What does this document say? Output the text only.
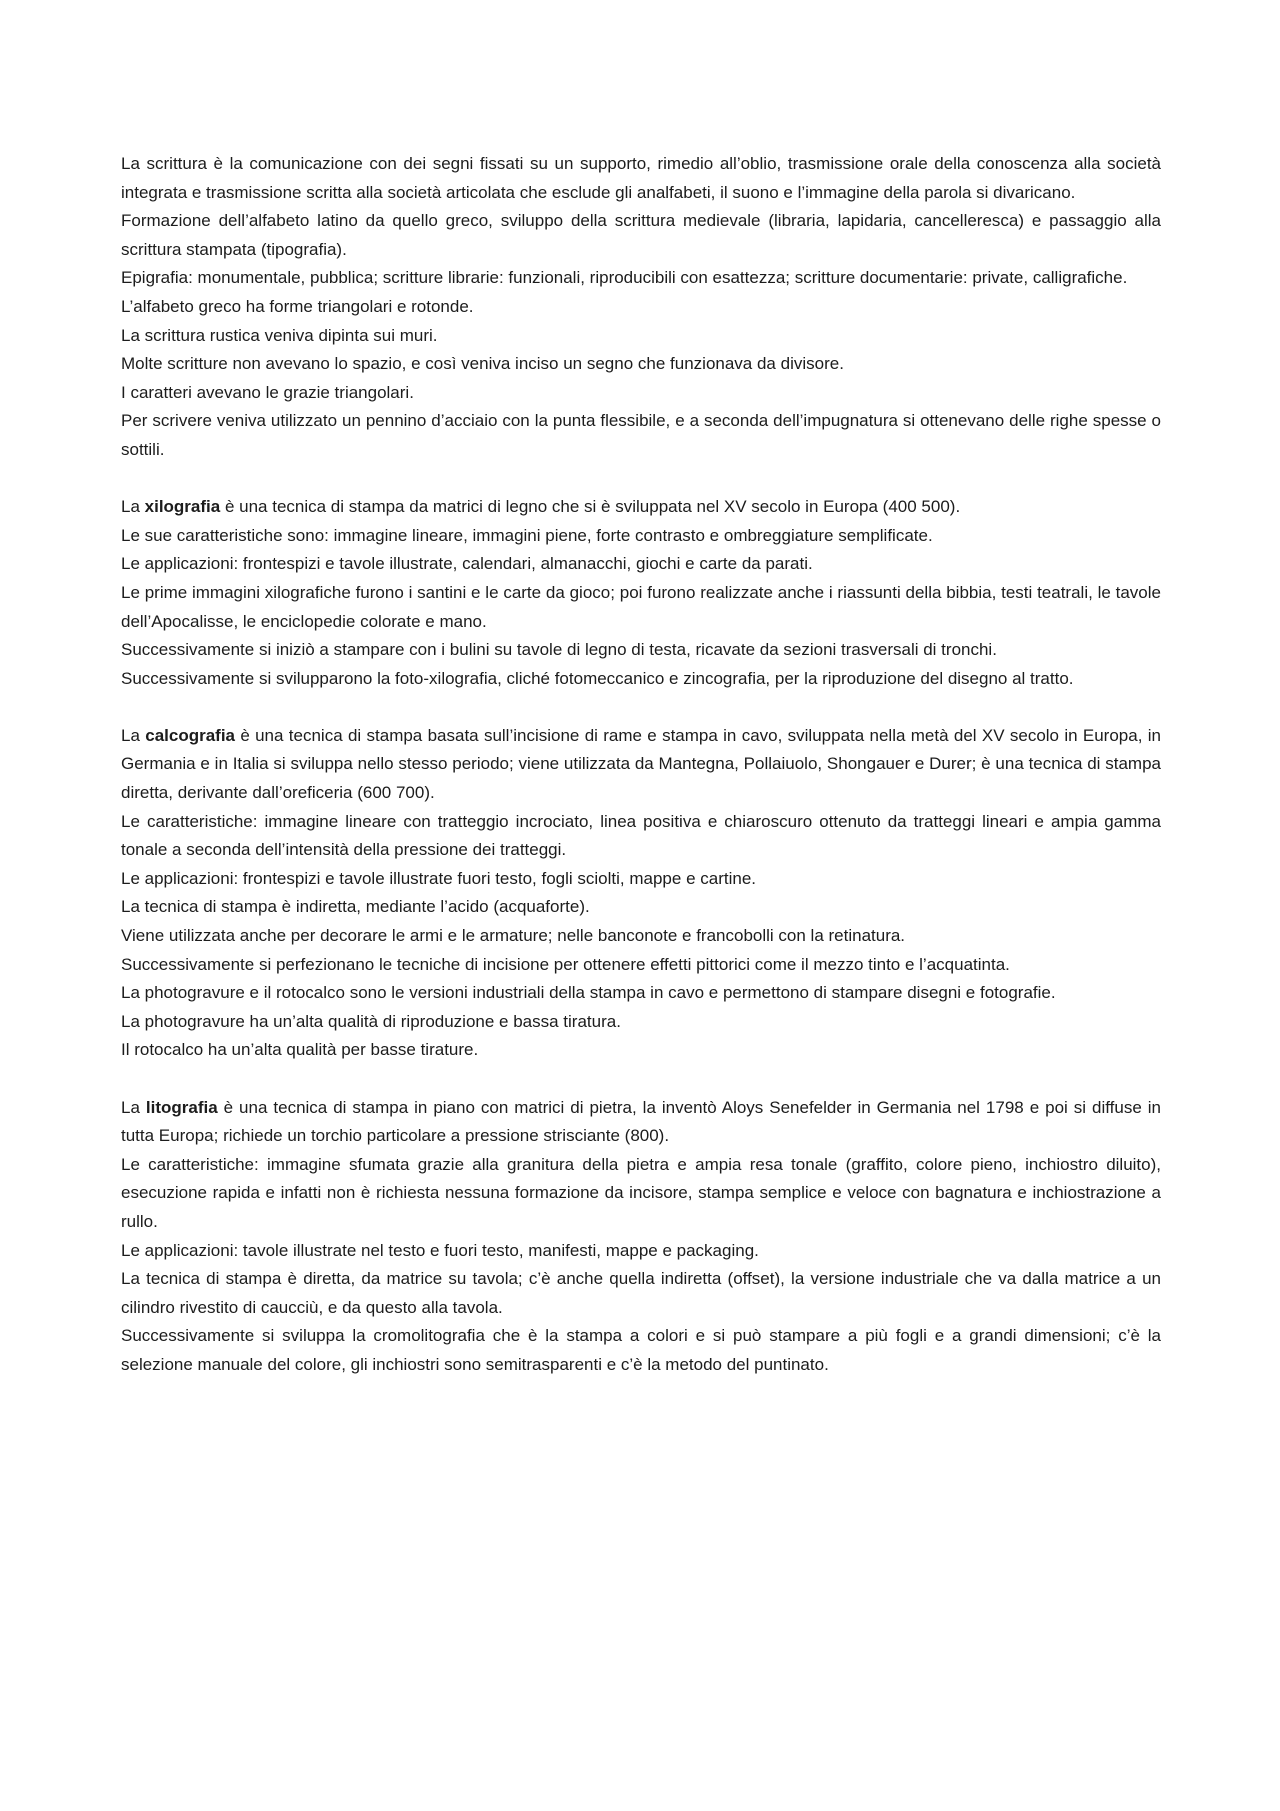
La scrittura è la comunicazione con dei segni fissati su un supporto, rimedio all’oblio, trasmissione orale della conoscenza alla società integrata e trasmissione scritta alla società articolata che esclude gli analfabeti, il suono e l’immagine della parola si divaricano.

Formazione dell’alfabeto latino da quello greco, sviluppo della scrittura medievale (libraria, lapidaria, cancelleresca) e passaggio alla scrittura stampata (tipografia).

Epigrafia: monumentale, pubblica; scritture librarie: funzionali, riproducibili con esattezza; scritture documentarie: private, calligrafiche.

L’alfabeto greco ha forme triangolari e rotonde.

La scrittura rustica veniva dipinta sui muri.

Molte scritture non avevano lo spazio, e così veniva inciso un segno che funzionava da divisore.

I caratteri avevano le grazie triangolari.

Per scrivere veniva utilizzato un pennino d’acciaio con la punta flessibile, e a seconda dell’impugnatura si ottenevano delle righe spesse o sottili.

La xilografia è una tecnica di stampa da matrici di legno che si è sviluppata nel XV secolo in Europa (400 500).

Le sue caratteristiche sono: immagine lineare, immagini piene, forte contrasto e ombreggiature semplificate.

Le applicazioni: frontespizi e tavole illustrate, calendari, almanacchi, giochi e carte da parati.

Le prime immagini xilografiche furono i santini e le carte da gioco; poi furono realizzate anche i riassunti della bibbia, testi teatrali, le tavole dell’Apocalisse, le enciclopedie colorate e mano.

Successivamente si iniziò a stampare con i bulini su tavole di legno di testa, ricavate da sezioni trasversali di tronchi.

Successivamente si svilupparono la foto-xilografia, cliché fotomeccanico e zincografia, per la riproduzione del disegno al tratto.

La calcografia è una tecnica di stampa basata sull’incisione di rame e stampa in cavo, sviluppata nella metà del XV secolo in Europa, in Germania e in Italia si sviluppa nello stesso periodo; viene utilizzata da Mantegna, Pollaiuolo, Shongauer e Durer; è una tecnica di stampa diretta, derivante dall’oreficeria (600 700).

Le caratteristiche: immagine lineare con tratteggio incrociato, linea positiva e chiaroscuro ottenuto da tratteggi lineari e ampia gamma tonale a seconda dell’intensità della pressione dei tratteggi.

Le applicazioni: frontespizi e tavole illustrate fuori testo, fogli sciolti, mappe e cartine.

La tecnica di stampa è indiretta, mediante l’acido (acquaforte).

Viene utilizzata anche per decorare le armi e le armature; nelle banconote e francobolli con la retinatura.

Successivamente si perfezionano le tecniche di incisione per ottenere effetti pittorici come il mezzo tinto e l’acquatinta.

La photogravure e il rotocalco sono le versioni industriali della stampa in cavo e permettono di stampare disegni e fotografie.

La photogravure ha un’alta qualità di riproduzione e bassa tiratura.

Il rotocalco ha un’alta qualità per basse tirature.

La litografia è una tecnica di stampa in piano con matrici di pietra, la inventò Aloys Senefelder in Germania nel 1798 e poi si diffuse in tutta Europa; richiede un torchio particolare a pressione strisciante (800).

Le caratteristiche: immagine sfumata grazie alla granitura della pietra e ampia resa tonale (graffito, colore pieno, inchiostro diluito), esecuzione rapida e infatti non è richiesta nessuna formazione da incisore, stampa semplice e veloce con bagnatura e inchiostrazione a rullo.

Le applicazioni: tavole illustrate nel testo e fuori testo, manifesti, mappe e packaging.

La tecnica di stampa è diretta, da matrice su tavola; c’è anche quella indiretta (offset), la versione industriale che va dalla matrice a un cilindro rivestito di caucciù, e da questo alla tavola.

Successivamente si sviluppa la cromolitografia che è la stampa a colori e si può stampare a più fogli e a grandi dimensioni; c’è la selezione manuale del colore, gli inchiostri sono semitrasparenti e c’è la metodo del puntinato.
